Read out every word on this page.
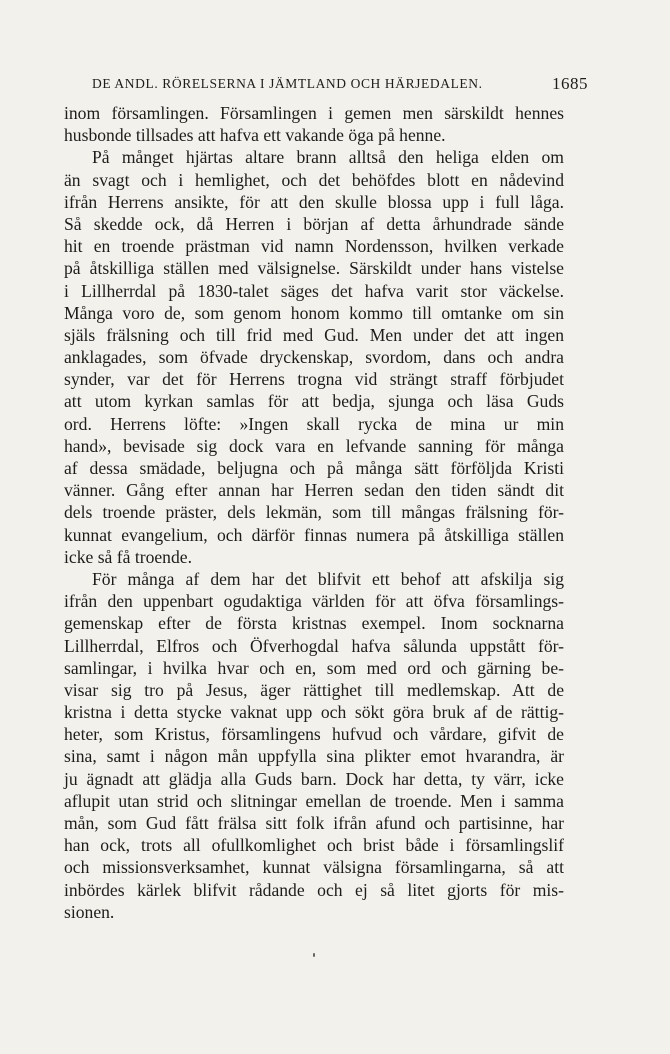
DE ANDL. RÖRELSERNA I JÄMTLAND OCH HÄRJEDALEN.	1685
inom församlingen. Församlingen i gemen men särskildt hennes
husbonde tillsades att hafva ett vakande öga på henne.
På månget hjärtas altare brann alltså den heliga elden om
än svagt och i hemlighet, och det behöfdes blott en nådevind
ifrån Herrens ansikte, för att den skulle blossa upp i full låga.
Så skedde ock, då Herren i början af detta århundrade sände
hit en troende prästman vid namn Nordensson, hvilken verkade
på åtskilliga ställen med välsignelse. Särskildt under hans vistelse
i Lillherrdal på 1830-talet säges det hafva varit stor väckelse.
Många voro de, som genom honom kommo till omtanke om sin
själs frälsning och till frid med Gud. Men under det att ingen
anklagades, som öfvade dryckenskap, svordom, dans och andra
synder, var det för Herrens trogna vid strängt straff förbjudet
att utom kyrkan samlas för att bedja, sjunga och läsa Guds
ord. Herrens löfte: »Ingen skall rycka de mina ur min
hand», bevisade sig dock vara en lefvande sanning för många
af dessa smädade, beljugna och på många sätt förföljda Kristi
vänner. Gång efter annan har Herren sedan den tiden sändt dit
dels troende präster, dels lekmän, som till mångas frälsning för-
kunnat evangelium, och därför finnas numera på åtskilliga ställen
icke så få troende.
För många af dem har det blifvit ett behof att afskilja sig
ifrån den uppenbart ogudaktiga världen för att öfva församlings-
gemenskap efter de första kristnas exempel. Inom socknarna
Lillherrdal, Elfros och Öfverhogdal hafva sålunda uppstått för-
samlingar, i hvilka hvar och en, som med ord och gärning be-
visar sig tro på Jesus, äger rättighet till medlemskap. Att de
kristna i detta stycke vaknat upp och sökt göra bruk af de rättig-
heter, som Kristus, församlingens hufvud och vårdare, gifvit de
sina, samt i någon mån uppfylla sina plikter emot hvarandra, är
ju ägnadt att glädja alla Guds barn. Dock har detta, ty värr, icke
aflupit utan strid och slitningar emellan de troende. Men i samma
mån, som Gud fått frälsa sitt folk ifrån afund och partisinne, har
han ock, trots all ofullkomlighet och brist både i församlingslif
och missionsverksamhet, kunnat välsigna församlingarna, så att
inbördes kärlek blifvit rådande och ej så litet gjorts för mis-
sionen.
